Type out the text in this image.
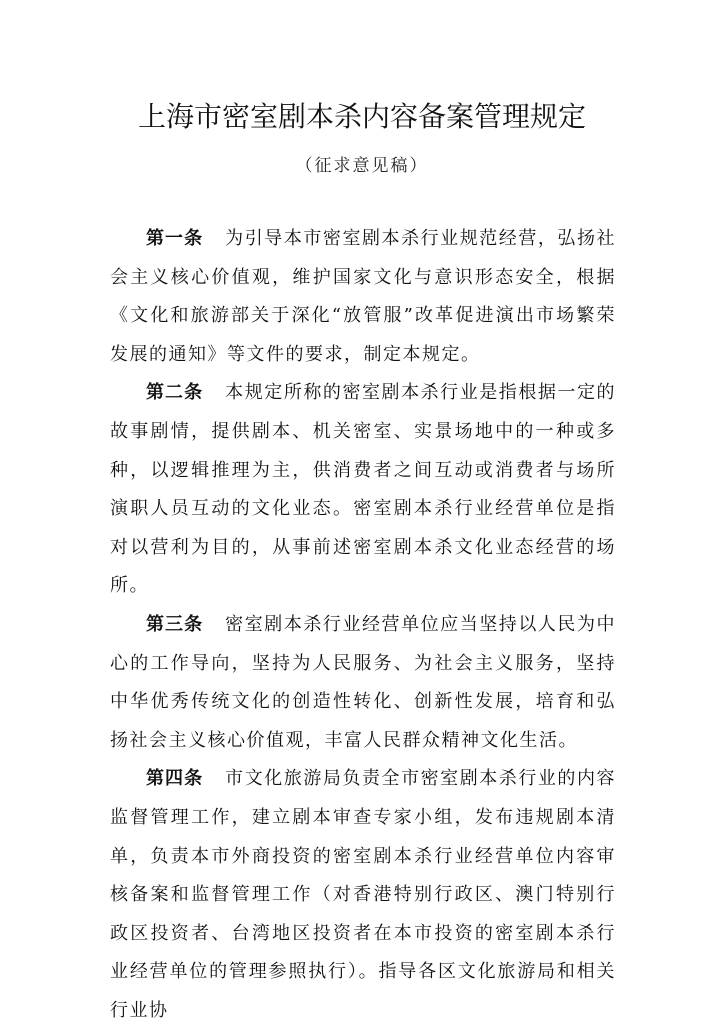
上海市密室剧本杀内容备案管理规定
（征求意见稿）

第一条 为引导本市密室剧本杀行业规范经营，弘扬社会主义核心价值观，维护国家文化与意识形态安全，根据《文化和旅游部关于深化“放管服”改革促进演出市场繁荣发展的通知》等文件的要求，制定本规定。

第二条 本规定所称的密室剧本杀行业是指根据一定的故事剧情，提供剧本、机关密室、实景场地中的一种或多种，以逻辑推理为主，供消费者之间互动或消费者与场所演职人员互动的文化业态。密室剧本杀行业经营单位是指对以营利为目的，从事前述密室剧本杀文化业态经营的场所。

第三条 密室剧本杀行业经营单位应当坚持以人民为中心的工作导向，坚持为人民服务、为社会主义服务，坚持中华优秀传统文化的创造性转化、创新性发展，培育和弘扬社会主义核心价值观，丰富人民群众精神文化生活。

第四条 市文化旅游局负责全市密室剧本杀行业的内容监督管理工作，建立剧本审查专家小组，发布违规剧本清单，负责本市外商投资的密室剧本杀行业经营单位内容审核备案和监督管理工作（对香港特别行政区、澳门特别行政区投资者、台湾地区投资者在本市投资的密室剧本杀行业经营单位的管理参照执行）。指导各区文化旅游局和相关行业协
